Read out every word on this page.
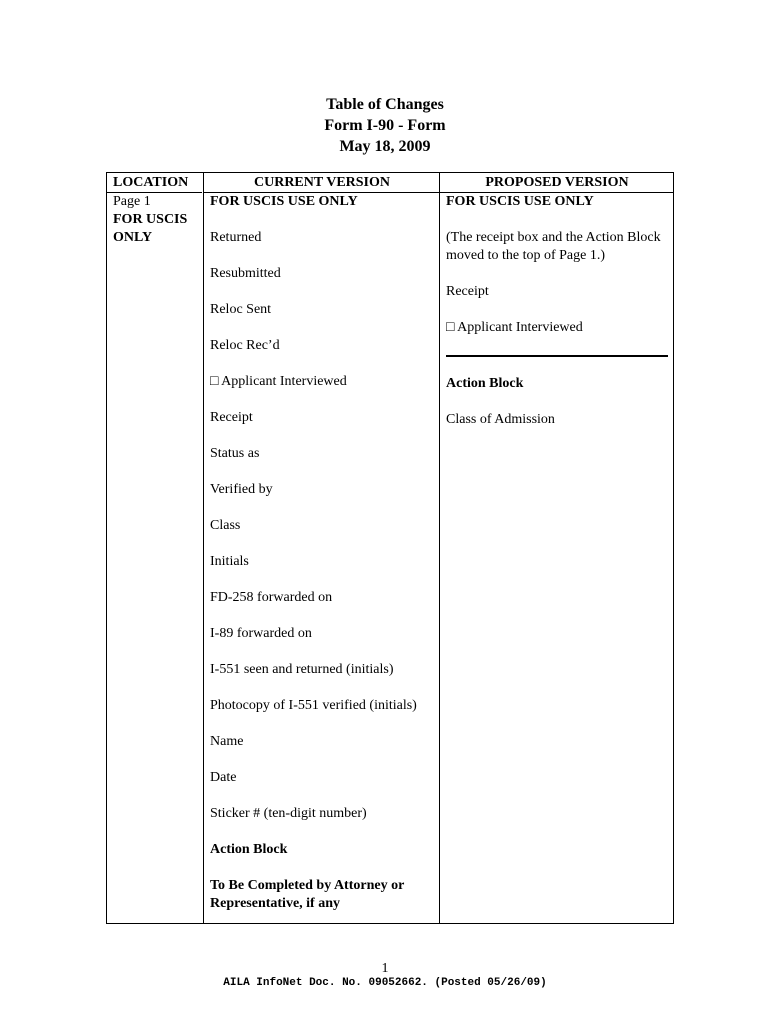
Table of Changes
Form I-90 - Form
May 18, 2009
LOCATION
Page 1
FOR USCIS
ONLY
CURRENT VERSION
FOR USCIS USE ONLY
Returned
Resubmitted
Reloc Sent
Reloc Rec’d
□ Applicant Interviewed
Receipt
Status as
Verified by
Class
Initials
FD-258 forwarded on
I-89 forwarded on
I-551 seen and returned (initials)
Photocopy of I-551 verified (initials)
Name
Date
Sticker # (ten-digit number)
Action Block
To Be Completed by Attorney or Representative, if any
PROPOSED VERSION
FOR USCIS USE ONLY
(The receipt box and the Action Block moved to the top of Page 1.)
Receipt
□ Applicant Interviewed
Action Block
Class of Admission
1
AILA InfoNet Doc. No. 09052662. (Posted 05/26/09)
